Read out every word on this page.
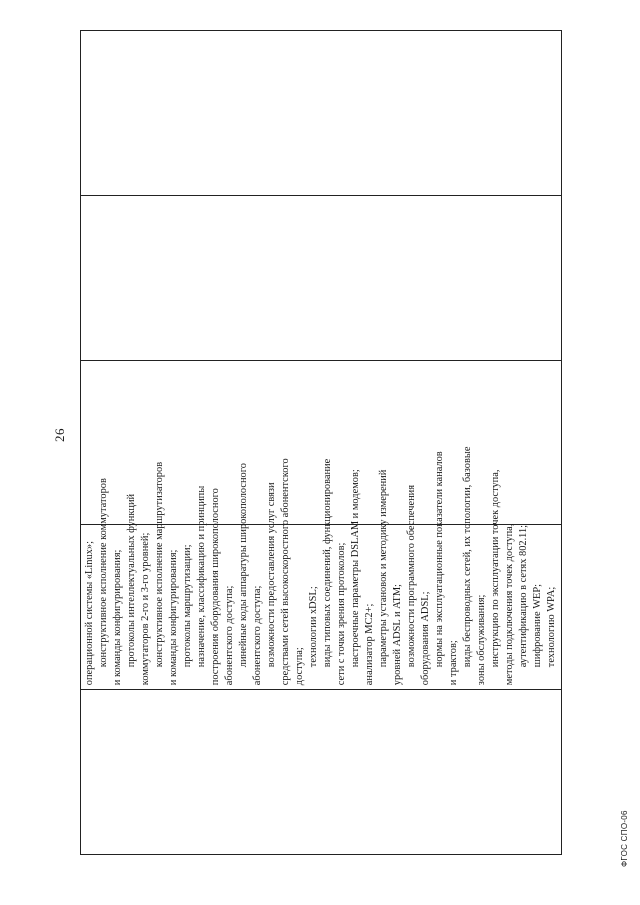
26
ФГОС СПО-06

операционной системы «Linux»; конструктивное исполнение коммутаторов и команды конфигурирования; протоколы интеллектуальных функций коммутаторов 2-го и 3-го уровней; конструктивное исполнение маршрутизаторов и команды конфигурирования; протоколы маршрутизации; назначение, классификацию и принципы построения оборудования широкополосного абонентского доступа; линейные коды аппаратуры широкополосного абонентского доступа; возможности предоставления услуг связи средствами сетей высокоскоростного абонентского доступа; технологии xDSL; виды типовых соединений, функционирование сети с точки зрения протоколов; настроечные параметры DSLAM и модемов; анализатор MC2+; параметры установок и методику измерений уровней ADSL и ATM; возможности программного обеспечения оборудования ADSL; нормы на эксплуатационные показатели каналов и трактов; виды беспроводных сетей, их топологии, базовые зоны обслуживания; инструкцию по эксплуатации точек доступа, методы подключения точек доступа, аутентификацию в сетях 802.11; шифрование WEP; технологию WPA;
